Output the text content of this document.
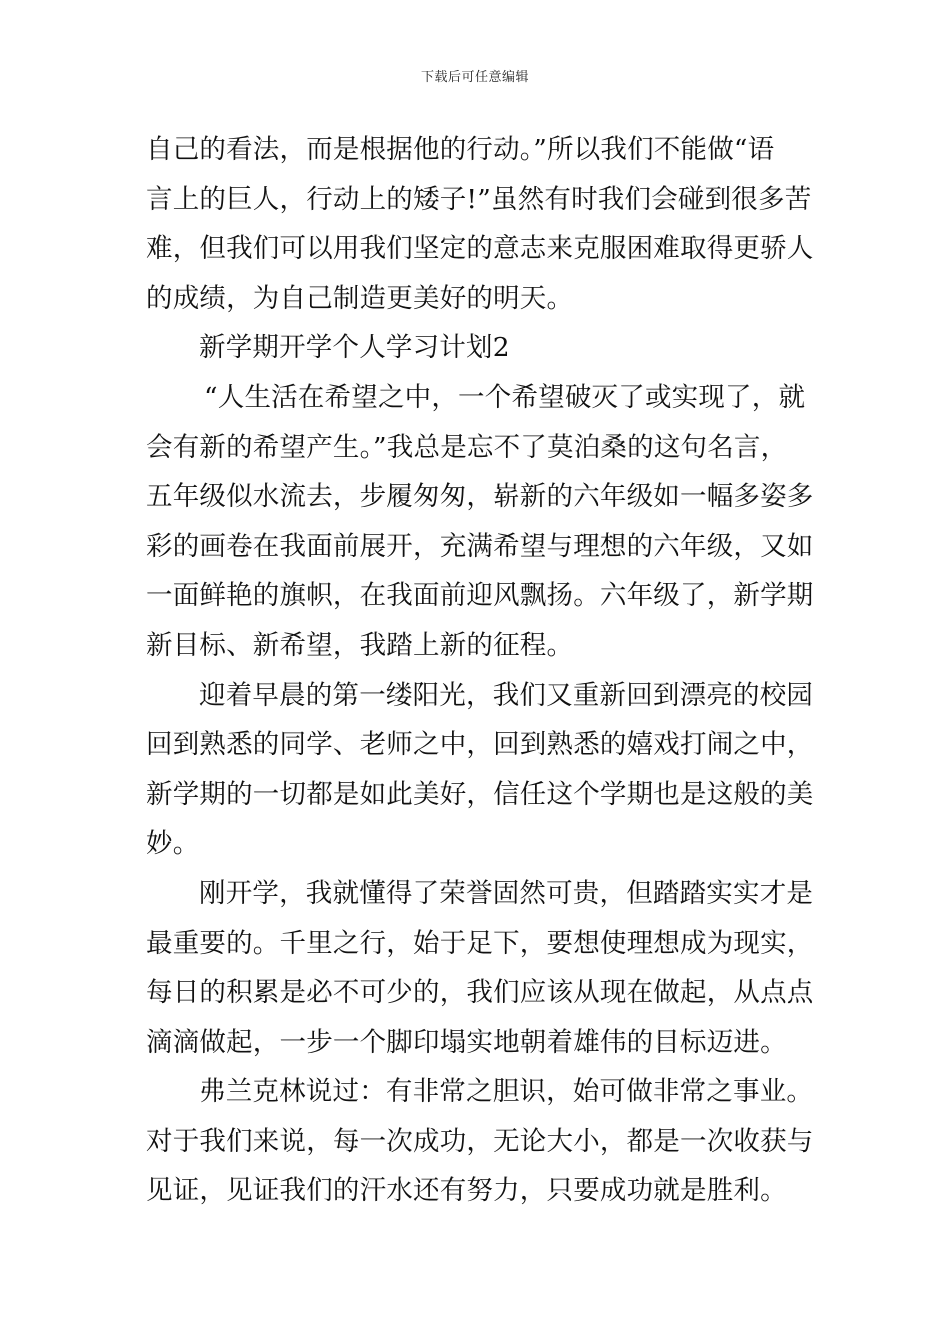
下载后可任意编辑
自己的看法，而是根据他的行动。”所以我们不能做“语
言上的巨人，行动上的矮子!”虽然有时我们会碰到很多苦
难，但我们可以用我们坚定的意志来克服困难取得更骄人
的成绩，为自己制造更美好的明天。
新学期开学个人学习计划2
“人生活在希望之中，一个希望破灭了或实现了，就
会有新的希望产生。”我总是忘不了莫泊桑的这句名言，
五年级似水流去，步履匆匆，崭新的六年级如一幅多姿多
彩的画卷在我面前展开，充满希望与理想的六年级，又如
一面鲜艳的旗帜，在我面前迎风飘扬。六年级了，新学期
新目标、新希望，我踏上新的征程。
迎着早晨的第一缕阳光，我们又重新回到漂亮的校园
回到熟悉的同学、老师之中，回到熟悉的嬉戏打闹之中，
新学期的一切都是如此美好，信任这个学期也是这般的美
妙。
刚开学，我就懂得了荣誉固然可贵，但踏踏实实才是
最重要的。千里之行，始于足下，要想使理想成为现实，
每日的积累是必不可少的，我们应该从现在做起，从点点
滴滴做起，一步一个脚印塌实地朝着雄伟的目标迈进。
弗兰克林说过：有非常之胆识，始可做非常之事业。
对于我们来说，每一次成功，无论大小，都是一次收获与
见证，见证我们的汗水还有努力，只要成功就是胜利。
